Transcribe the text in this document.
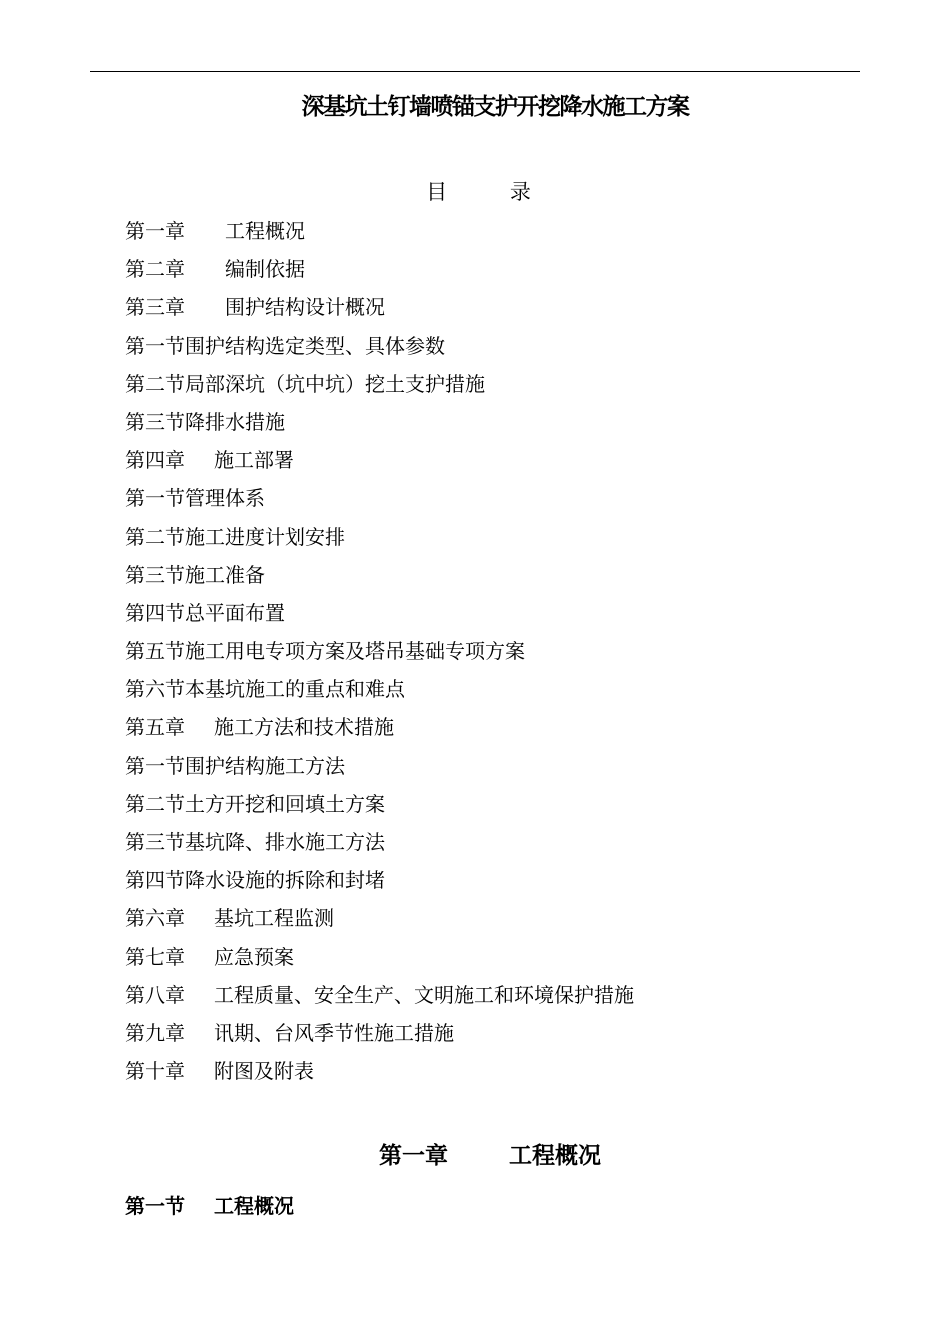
深基坑土钉墙喷锚支护开挖降水施工方案
目 录
第一章 工程概况
第二章 编制依据
第三章 围护结构设计概况
第一节围护结构选定类型、具体参数
第二节局部深坑（坑中坑）挖土支护措施
第三节降排水措施
第四章 施工部署
第一节管理体系
第二节施工进度计划安排
第三节施工准备
第四节总平面布置
第五节施工用电专项方案及塔吊基础专项方案
第六节本基坑施工的重点和难点
第五章 施工方法和技术措施
第一节围护结构施工方法
第二节土方开挖和回填土方案
第三节基坑降、排水施工方法
第四节降水设施的拆除和封堵
第六章 基坑工程监测
第七章 应急预案
第八章 工程质量、安全生产、文明施工和环境保护措施
第九章 讯期、台风季节性施工措施
第十章 附图及附表
第一章	工程概况
第一节 工程概况
